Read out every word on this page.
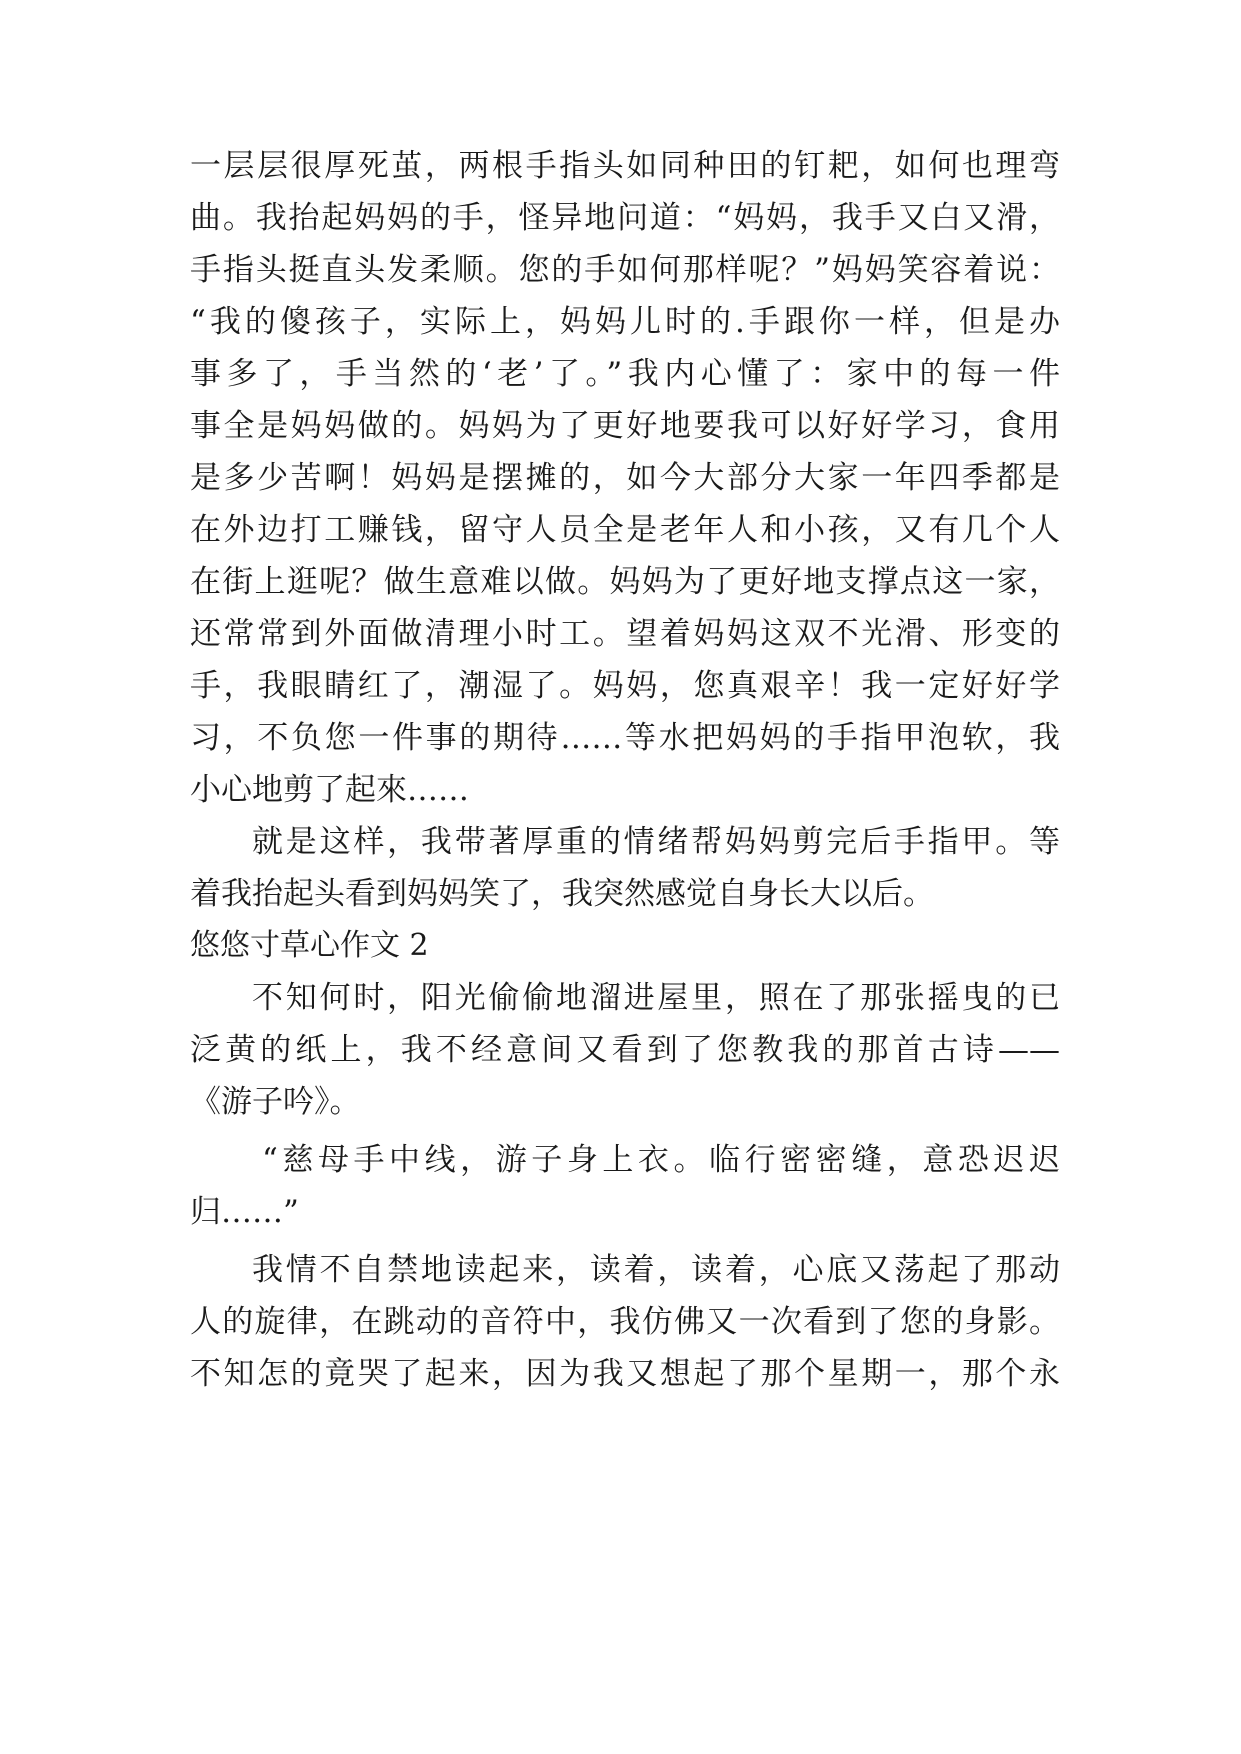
一层层很厚死茧，两根手指头如同种田的钉耙，如何也理弯
曲。我抬起妈妈的手，怪异地问道：“妈妈，我手又白又滑，
手指头挺直头发柔顺。您的手如何那样呢？”妈妈笑容着说：
“我的傻孩子，实际上，妈妈儿时的.手跟你一样，但是办
事多了，手当然的‘老’了。”我内心懂了：家中的每一件
事全是妈妈做的。妈妈为了更好地要我可以好好学习，食用
是多少苦啊！妈妈是摆摊的，如今大部分大家一年四季都是
在外边打工赚钱，留守人员全是老年人和小孩，又有几个人
在街上逛呢？做生意难以做。妈妈为了更好地支撑点这一家，
还常常到外面做清理小时工。望着妈妈这双不光滑、形变的
手，我眼睛红了，潮湿了。妈妈，您真艰辛！我一定好好学
习，不负您一件事的期待……等水把妈妈的手指甲泡软，我
小心地剪了起來……
就是这样，我带著厚重的情绪帮妈妈剪完后手指甲。等
着我抬起头看到妈妈笑了，我突然感觉自身长大以后。
悠悠寸草心作文 2
不知何时，阳光偷偷地溜进屋里，照在了那张摇曳的已
泛黄的纸上，我不经意间又看到了您教我的那首古诗——
《游子吟》。
“慈母手中线，游子身上衣。临行密密缝，意恐迟迟
归……”
我情不自禁地读起来，读着，读着，心底又荡起了那动
人的旋律，在跳动的音符中，我仿佛又一次看到了您的身影。
不知怎的竟哭了起来，因为我又想起了那个星期一，那个永
